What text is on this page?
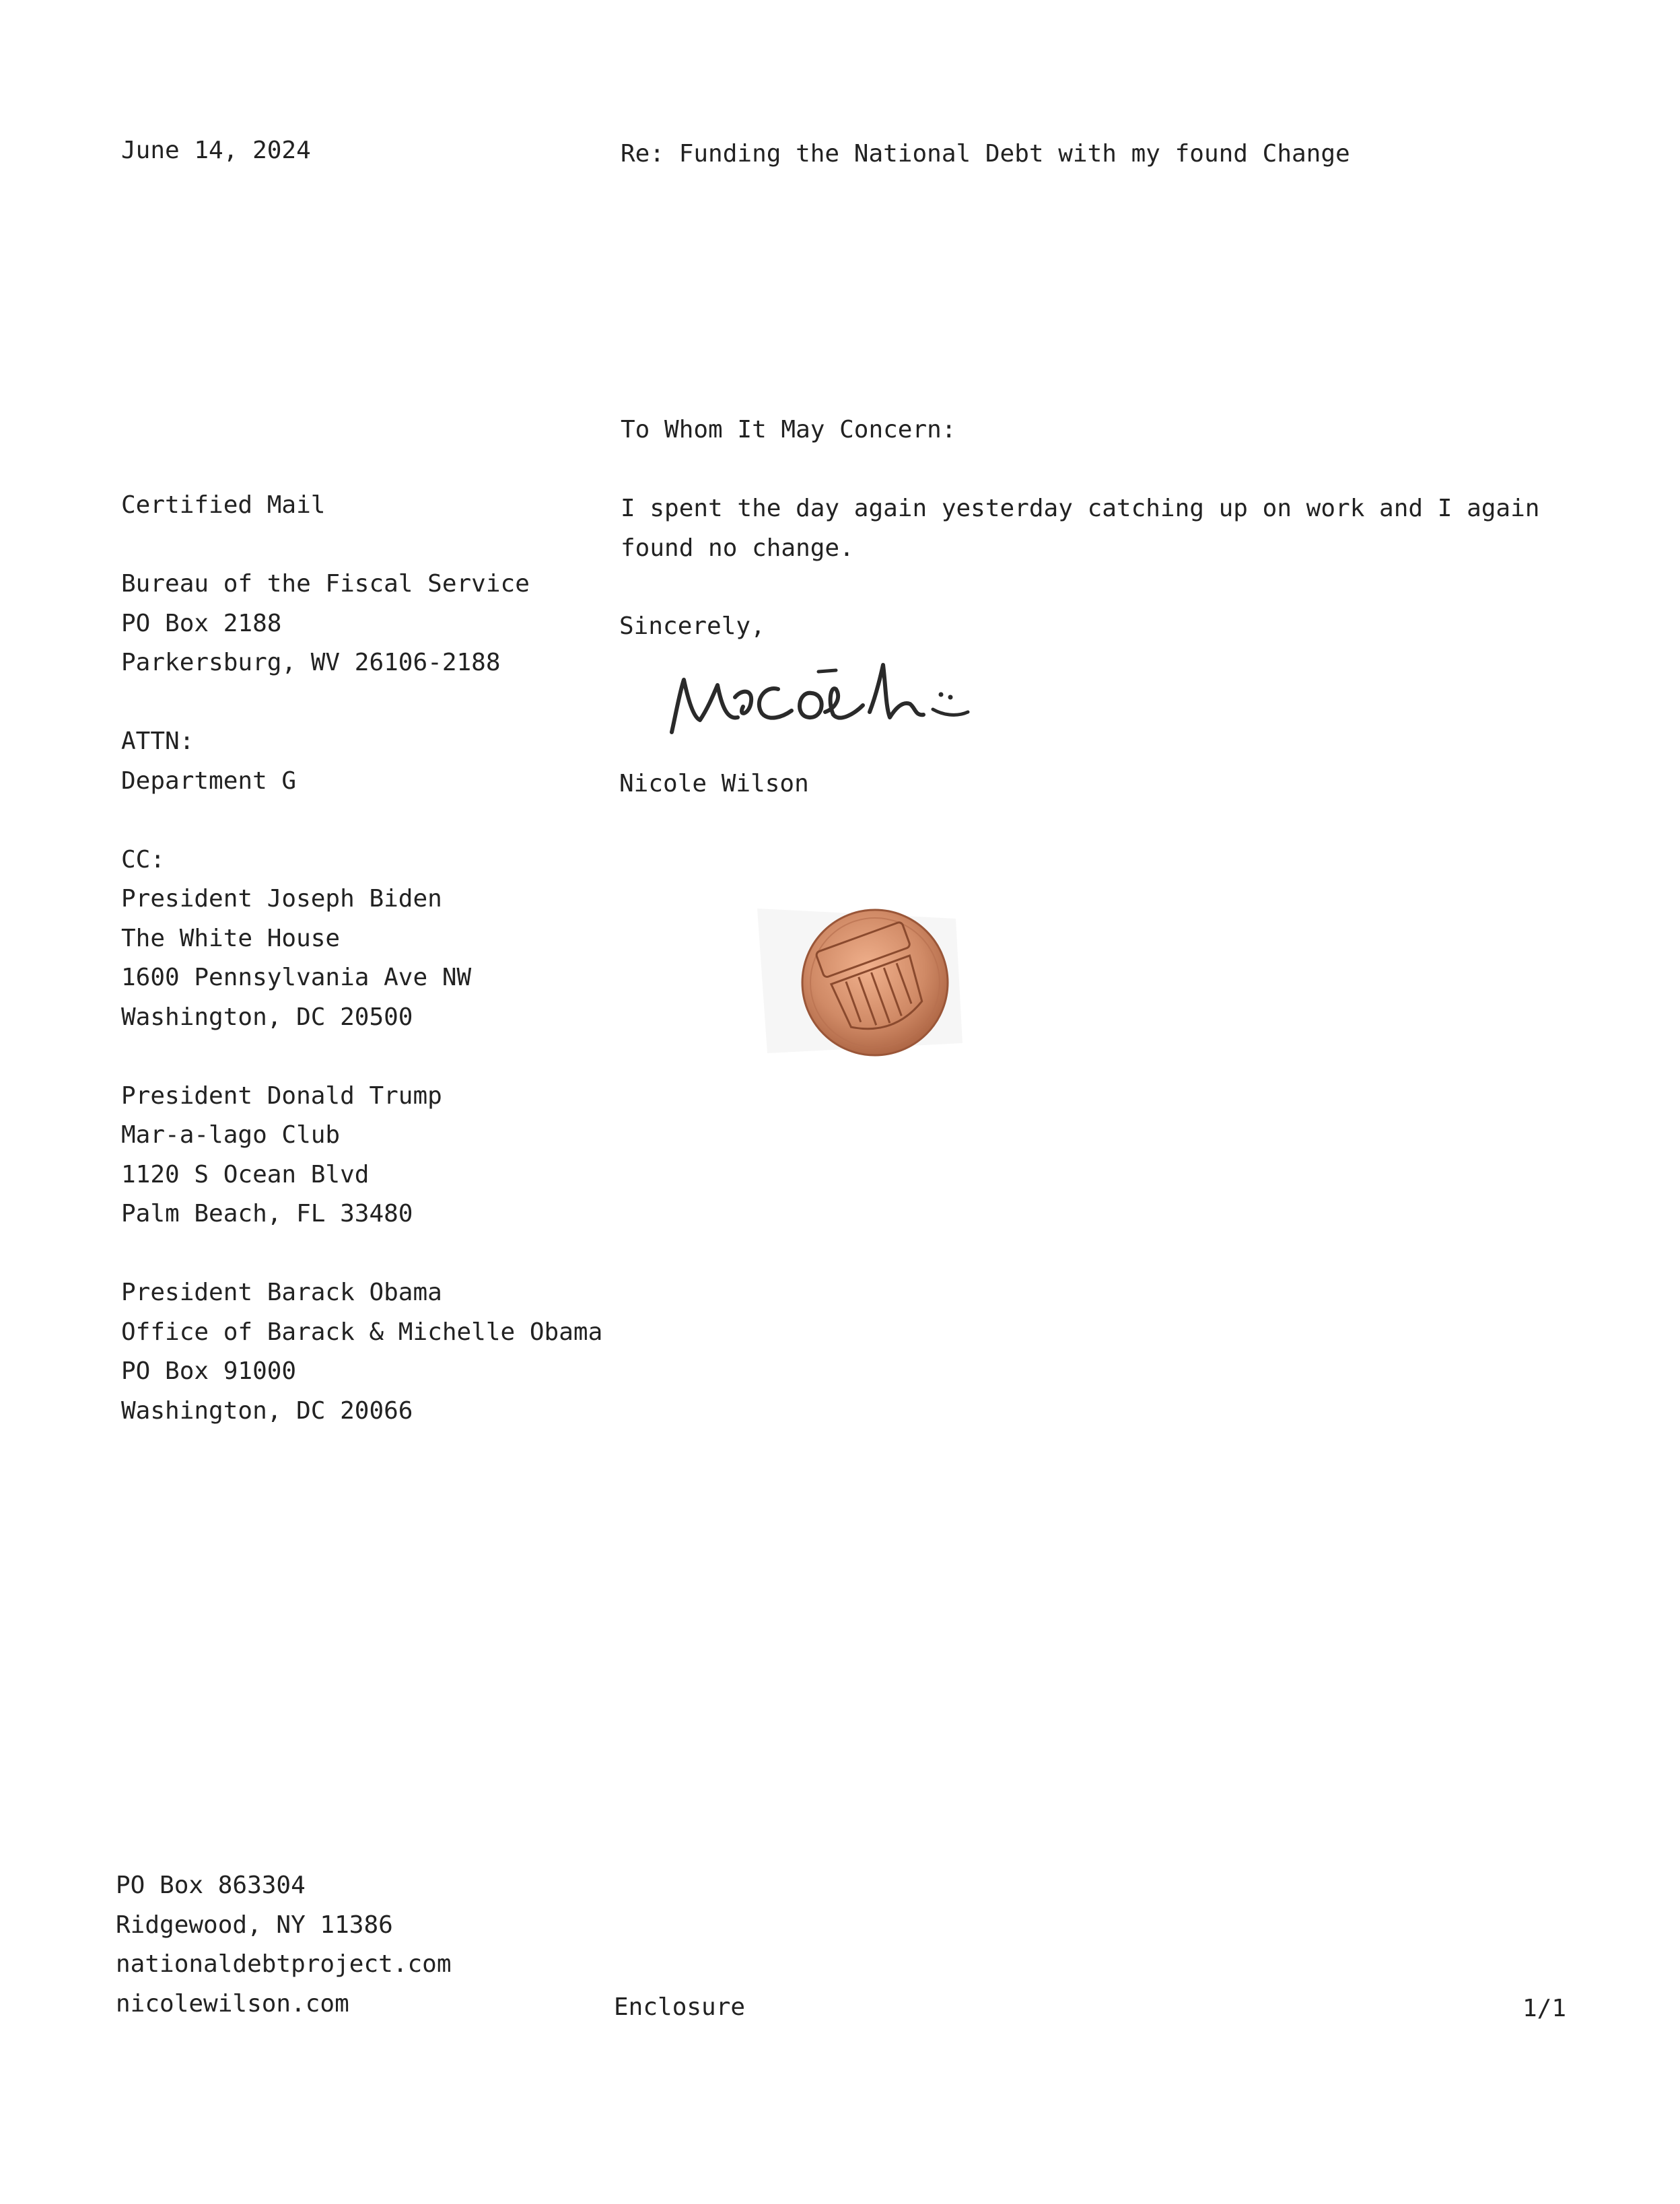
June 14, 2024	Re: Funding the National Debt with my found Change
To Whom It May Concern:
I spent the day again yesterday catching up on work and I again
found no change.
Sincerely,
Nicole Wilson
Certified Mail
Bureau of the Fiscal Service
PO Box 2188
Parkersburg, WV 26106-2188
ATTN:
Department G
CC:
President Joseph Biden
The White House
1600 Pennsylvania Ave NW
Washington, DC 20500
President Donald Trump
Mar-a-lago Club
1120 S Ocean Blvd
Palm Beach, FL 33480
President Barack Obama
Office of Barack & Michelle Obama
PO Box 91000
Washington, DC 20066
PO Box 863304
Ridgewood, NY 11386
nationaldebtproject.com
nicolewilson.com	Enclosure	1/1
